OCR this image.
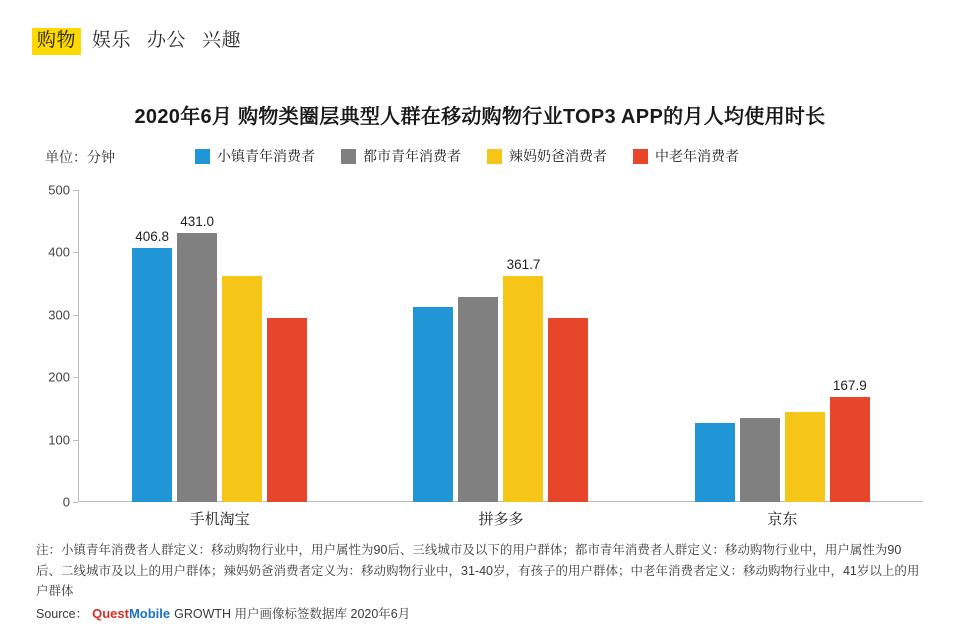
购物 娱乐 办公 兴趣
2020年6月 购物类圈层典型人群在移动购物行业TOP3 APP的月人均使用时长
单位：分钟	小镇青年消费者	都市青年消费者	辣妈奶爸消费者	中老年消费者
0
100
200
300
400
500
406.8
431.0
手机淘宝
361.7
拼多多
167.9
京东
注：小镇青年消费者人群定义：移动购物行业中，用户属性为90后、三线城市及以下的用户群体；都市青年消费者人群定义：移动购物行业中，用户属性为90后、二线城市及以上的用户群体；辣妈奶爸消费者定义为：移动购物行业中，31-40岁，有孩子的用户群体；中老年消费者定义：移动购物行业中，41岁以上的用户群体
Source： QuestMobile GROWTH 用户画像标签数据库 2020年6月
